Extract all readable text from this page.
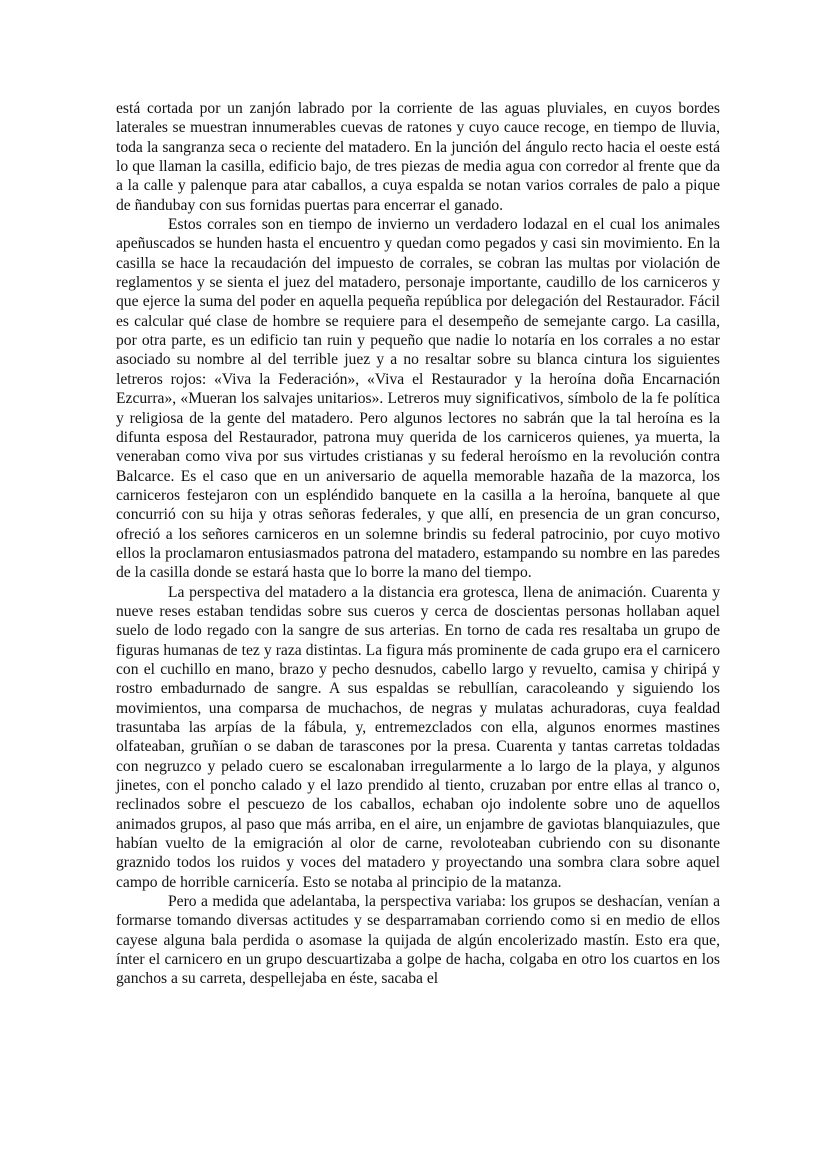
está cortada por un zanjón labrado por la corriente de las aguas pluviales, en cuyos bordes laterales se muestran innumerables cuevas de ratones y cuyo cauce recoge, en tiempo de lluvia, toda la sangranza seca o reciente del matadero. En la junción del ángulo recto hacia el oeste está lo que llaman la casilla, edificio bajo, de tres piezas de media agua con corredor al frente que da a la calle y palenque para atar caballos, a cuya espalda se notan varios corrales de palo a pique de ñandubay con sus fornidas puertas para encerrar el ganado.

Estos corrales son en tiempo de invierno un verdadero lodazal en el cual los animales apeñuscados se hunden hasta el encuentro y quedan como pegados y casi sin movimiento. En la casilla se hace la recaudación del impuesto de corrales, se cobran las multas por violación de reglamentos y se sienta el juez del matadero, personaje importante, caudillo de los carniceros y que ejerce la suma del poder en aquella pequeña república por delegación del Restaurador. Fácil es calcular qué clase de hombre se requiere para el desempeño de semejante cargo. La casilla, por otra parte, es un edificio tan ruin y pequeño que nadie lo notaría en los corrales a no estar asociado su nombre al del terrible juez y a no resaltar sobre su blanca cintura los siguientes letreros rojos: «Viva la Federación», «Viva el Restaurador y la heroína doña Encarnación Ezcurra», «Mueran los salvajes unitarios». Letreros muy significativos, símbolo de la fe política y religiosa de la gente del matadero. Pero algunos lectores no sabrán que la tal heroína es la difunta esposa del Restaurador, patrona muy querida de los carniceros quienes, ya muerta, la veneraban como viva por sus virtudes cristianas y su federal heroísmo en la revolución contra Balcarce. Es el caso que en un aniversario de aquella memorable hazaña de la mazorca, los carniceros festejaron con un espléndido banquete en la casilla a la heroína, banquete al que concurrió con su hija y otras señoras federales, y que allí, en presencia de un gran concurso, ofreció a los señores carniceros en un solemne brindis su federal patrocinio, por cuyo motivo ellos la proclamaron entusiasmados patrona del matadero, estampando su nombre en las paredes de la casilla donde se estará hasta que lo borre la mano del tiempo.

La perspectiva del matadero a la distancia era grotesca, llena de animación. Cuarenta y nueve reses estaban tendidas sobre sus cueros y cerca de doscientas personas hollaban aquel suelo de lodo regado con la sangre de sus arterias. En torno de cada res resaltaba un grupo de figuras humanas de tez y raza distintas. La figura más prominente de cada grupo era el carnicero con el cuchillo en mano, brazo y pecho desnudos, cabello largo y revuelto, camisa y chiripá y rostro embadurnado de sangre. A sus espaldas se rebullían, caracoleando y siguiendo los movimientos, una comparsa de muchachos, de negras y mulatas achuradoras, cuya fealdad trasuntaba las arpías de la fábula, y, entremezclados con ella, algunos enormes mastines olfateaban, gruñían o se daban de tarascones por la presa. Cuarenta y tantas carretas toldadas con negruzco y pelado cuero se escalonaban irregularmente a lo largo de la playa, y algunos jinetes, con el poncho calado y el lazo prendido al tiento, cruzaban por entre ellas al tranco o, reclinados sobre el pescuezo de los caballos, echaban ojo indolente sobre uno de aquellos animados grupos, al paso que más arriba, en el aire, un enjambre de gaviotas blanquiazules, que habían vuelto de la emigración al olor de carne, revoloteaban cubriendo con su disonante graznido todos los ruidos y voces del matadero y proyectando una sombra clara sobre aquel campo de horrible carnicería. Esto se notaba al principio de la matanza.

Pero a medida que adelantaba, la perspectiva variaba: los grupos se deshacían, venían a formarse tomando diversas actitudes y se desparramaban corriendo como si en medio de ellos cayese alguna bala perdida o asomase la quijada de algún encolerizado mastín. Esto era que, ínter el carnicero en un grupo descuartizaba a golpe de hacha, colgaba en otro los cuartos en los ganchos a su carreta, despellejaba en éste, sacaba el
